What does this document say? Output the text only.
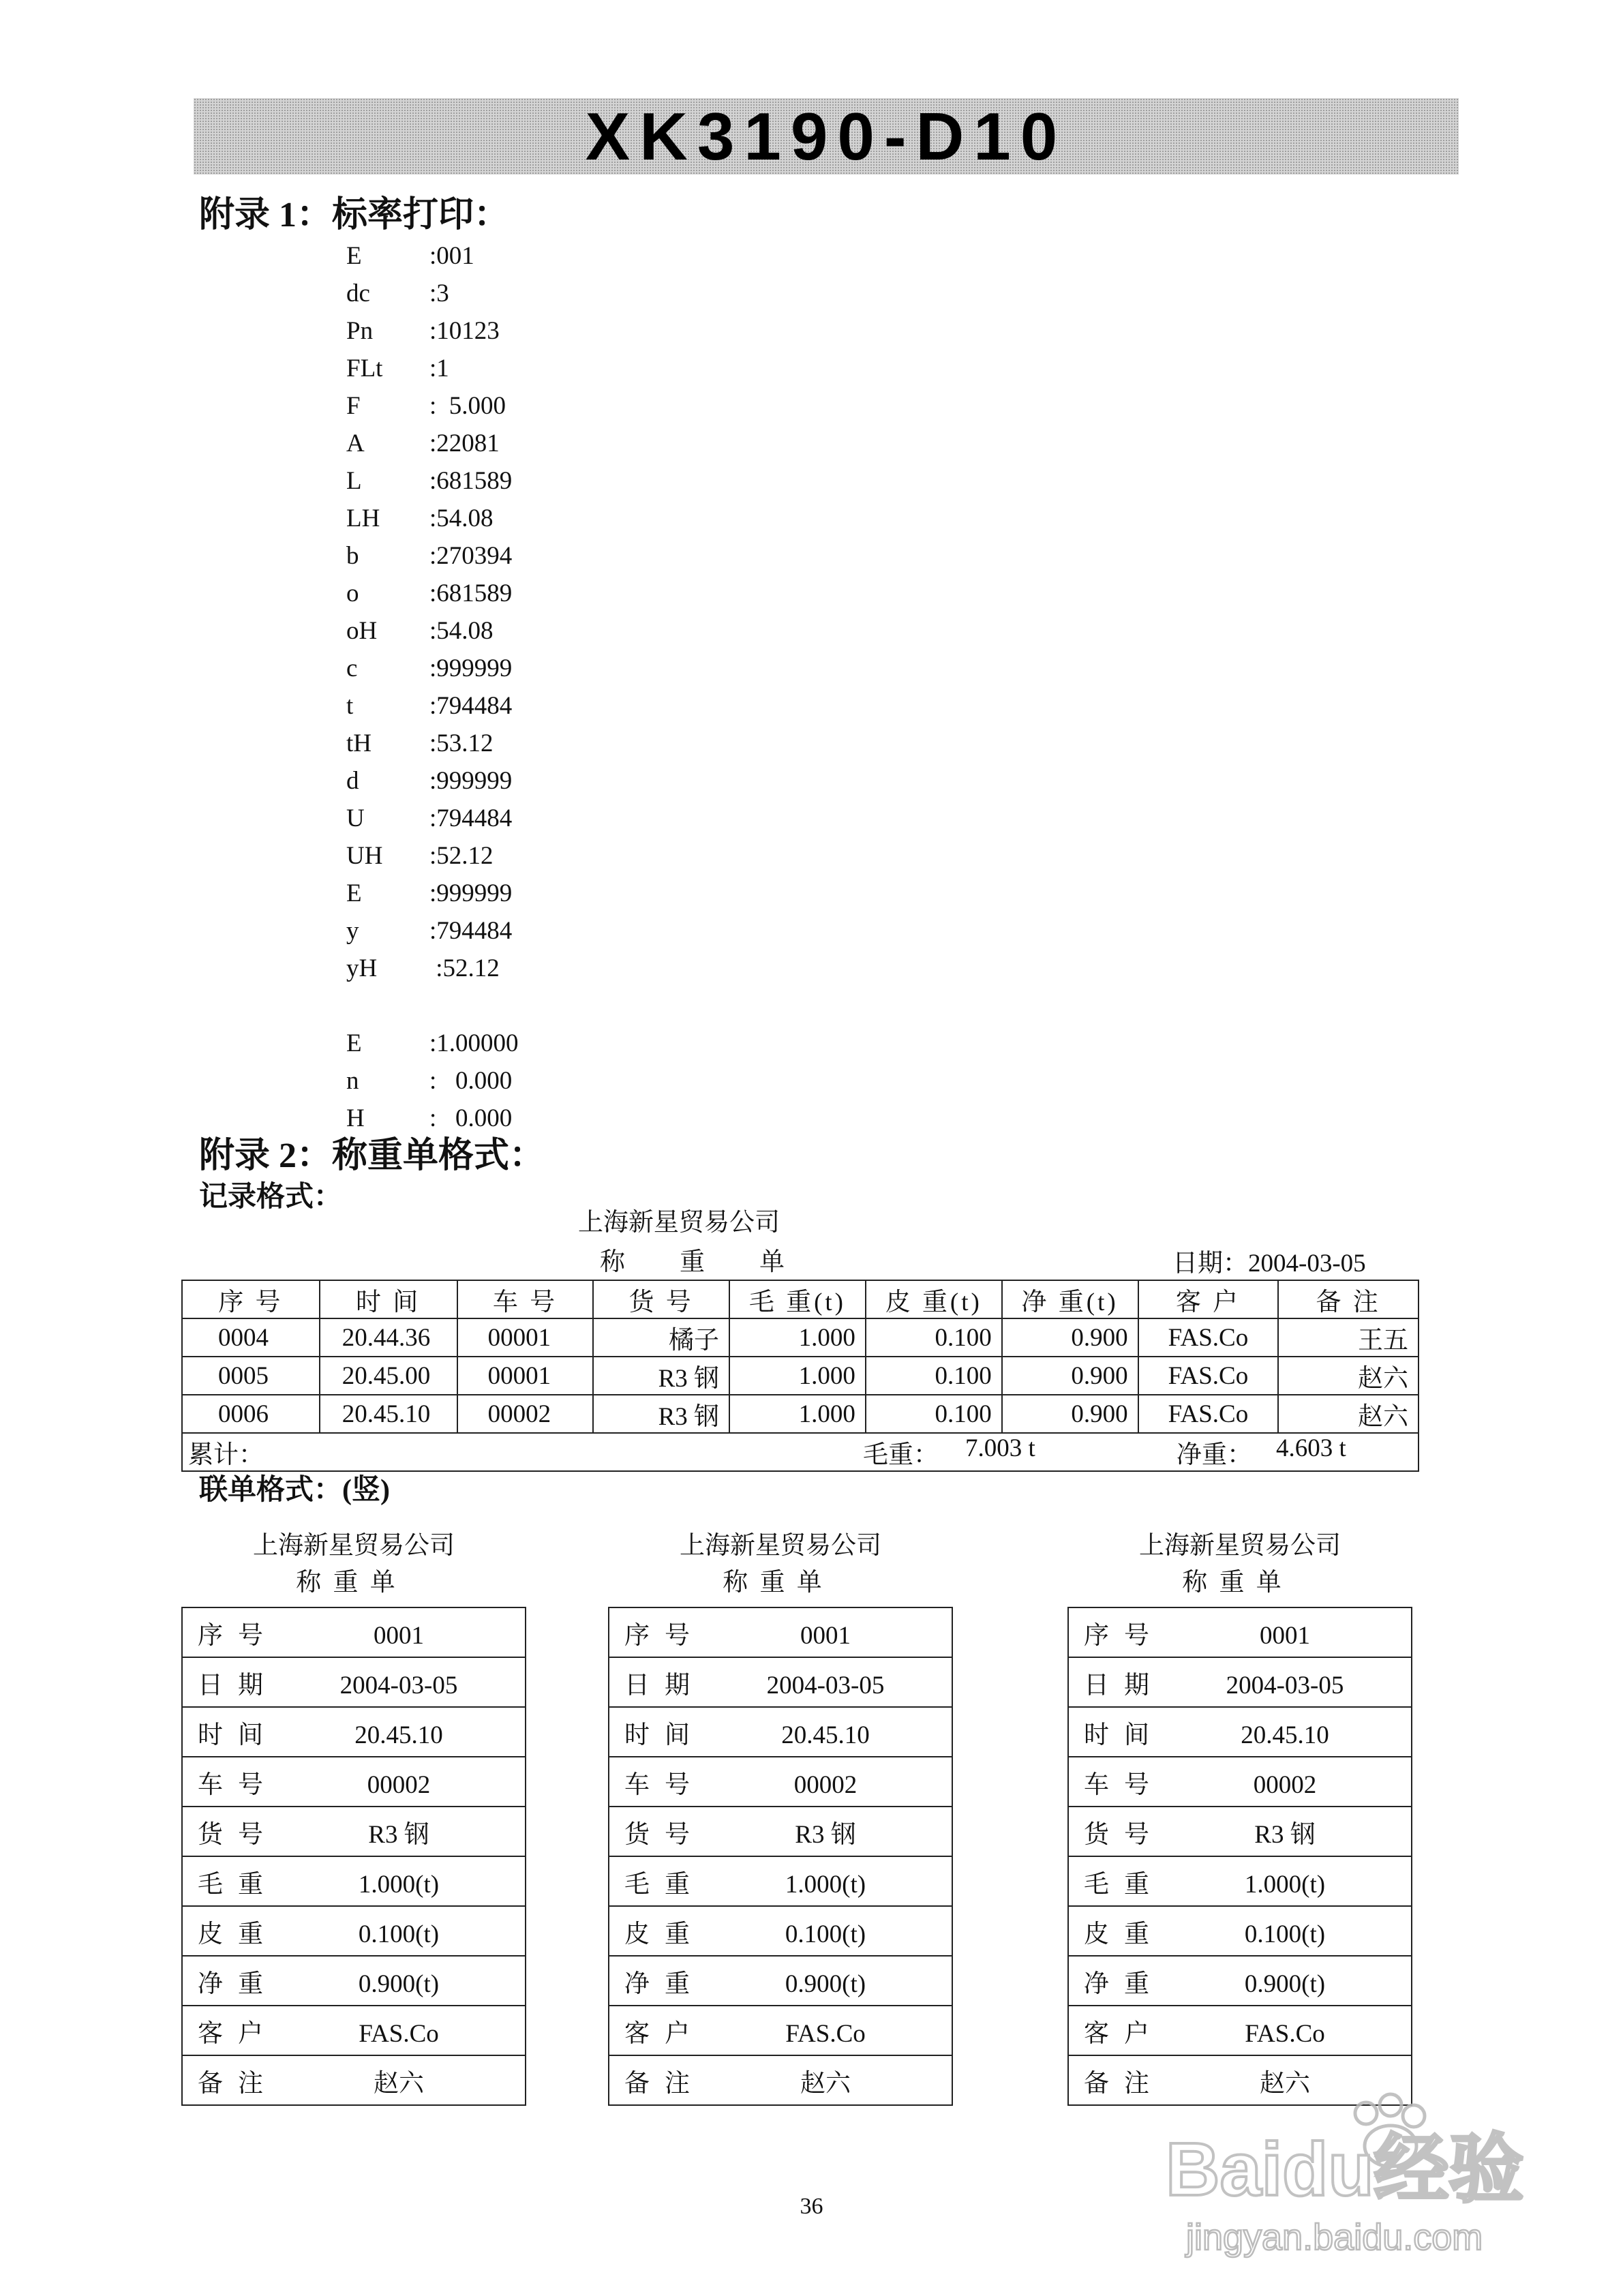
XK3190-D10
附录 1：标率打印：
E	:001
dc :3
Pn :10123
FLt :1
F	:  5.000
A	:22081
L	:681589
LH :54.08
b	:270394
o	:681589
oH :54.08
c	:999999
t	:794484
tH :53.12
d	:999999
U	:794484
UH :52.12
E	:999999
y	:794484
yH :52.12
E	:1.00000
n	:   0.000
H	:   0.000
附录 2：称重单格式：
记录格式：
上海新星贸易公司
称　　重　　单	日期：2004-03-05
序 号	时 间	车 号	货 号	毛 重(t)	皮 重(t)	净 重(t)	客 户	备 注
0004	20.44.36	00001	橘子	1.000	0.100	0.900	FAS.Co	王五
0005	20.45.00	00001	R3 钢	1.000	0.100	0.900	FAS.Co	赵六
0006	20.45.10	00002	R3 钢	1.000	0.100	0.900	FAS.Co	赵六

累计： 毛重： 7.003 t 净重： 4.603 t								
联单格式：(竖)
上海新星贸易公司
称 重 单
序号	0001
日期 2004-03-05
时间	20.45.10
车号	00002
货号	R3 钢
毛重	1.000(t)
皮重	0.100(t)
净重	0.900(t)
客户	FAS.Co
备注	赵六
上海新星贸易公司
称 重 单
序号	0001
日期 2004-03-05
时间	20.45.10
车号	00002
货号	R3 钢
毛重	1.000(t)
皮重	0.100(t)
净重	0.900(t)
客户	FAS.Co
备注	赵六
上海新星贸易公司
称 重 单
序号	0001
日期 2004-03-05
时间	20.45.10
车号	00002
货号	R3 钢
毛重	1.000(t)
皮重	0.100(t)
净重	0.900(t)
客户	FAS.Co
备注	赵六
36	Baidu经验
jingyan.baidu.com
